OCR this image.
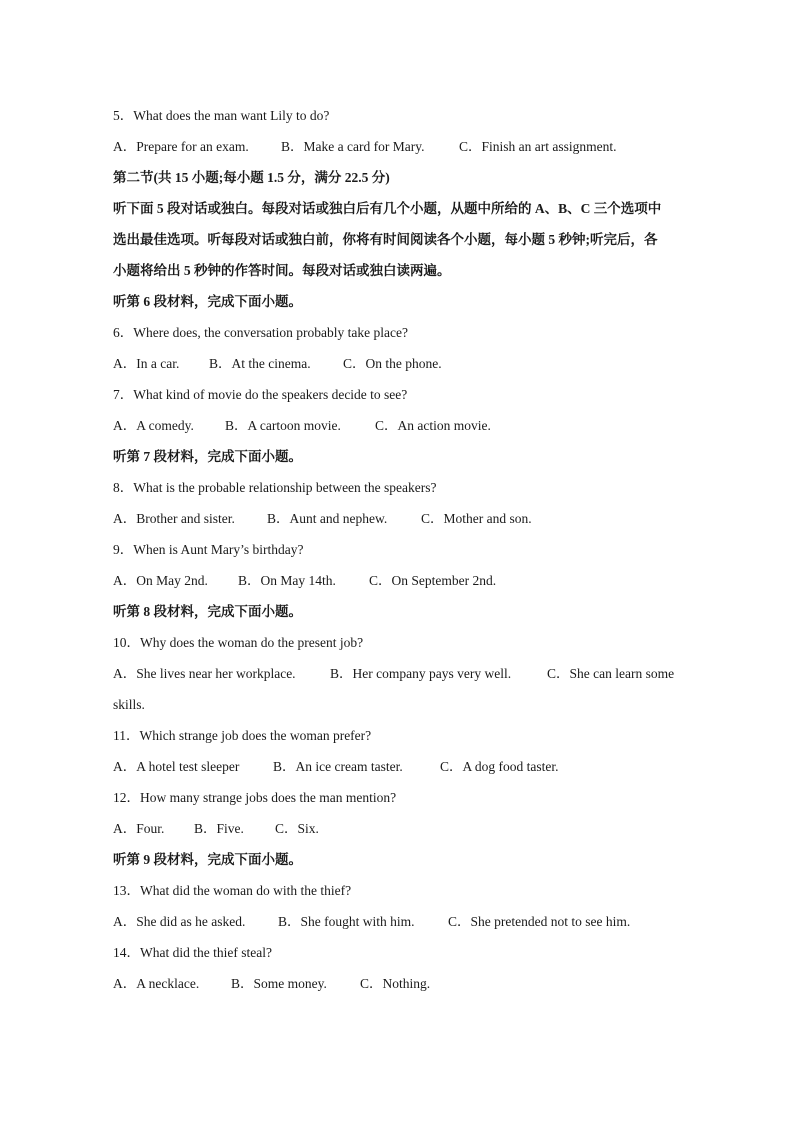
5．What does the man want Lily to do?
A．Prepare for an exam. B．Make a card for Mary.	C．Finish an art assignment.
第二节(共 15 小题;每小题 1.5 分，满分 22.5 分)
听下面 5 段对话或独白。每段对话或独白后有几个小题，从题中所给的 A、B、C 三个选项中
选出最佳选项。听每段对话或独白前，你将有时间阅读各个小题，每小题 5 秒钟;听完后，各
小题将给出 5 秒钟的作答时间。每段对话或独白读两遍。
听第 6 段材料，完成下面小题。
6．Where does, the conversation probably take place?
A．In a car. B．At the cinema. C．On the phone.
7．What kind of movie do the speakers decide to see?
A．A comedy. B．A cartoon movie.	C．An action movie.
听第 7 段材料，完成下面小题。
8．What is the probable relationship between the speakers?
A．Brother and sister. B．Aunt and nephew.	C．Mother and son.
9．When is Aunt Mary’s birthday?
A．On May 2nd. B．On May 14th. C．On September 2nd.
听第 8 段材料，完成下面小题。
10．Why does the woman do the present job?
A．She lives near her workplace.	B．Her company pays very well.	C．She can learn some
skills.
11．Which strange job does the woman prefer?
A．A hotel test sleeper B．An ice cream taster.	C．A dog food taster.
12．How many strange jobs does the man mention?
A．Four. B．Five. C．Six.
听第 9 段材料，完成下面小题。
13．What did the woman do with the thief?
A．She did as he asked. B．She fought with him. C．She pretended not to see him.
14．What did the thief steal?
A．A necklace. B．Some money. C．Nothing.
